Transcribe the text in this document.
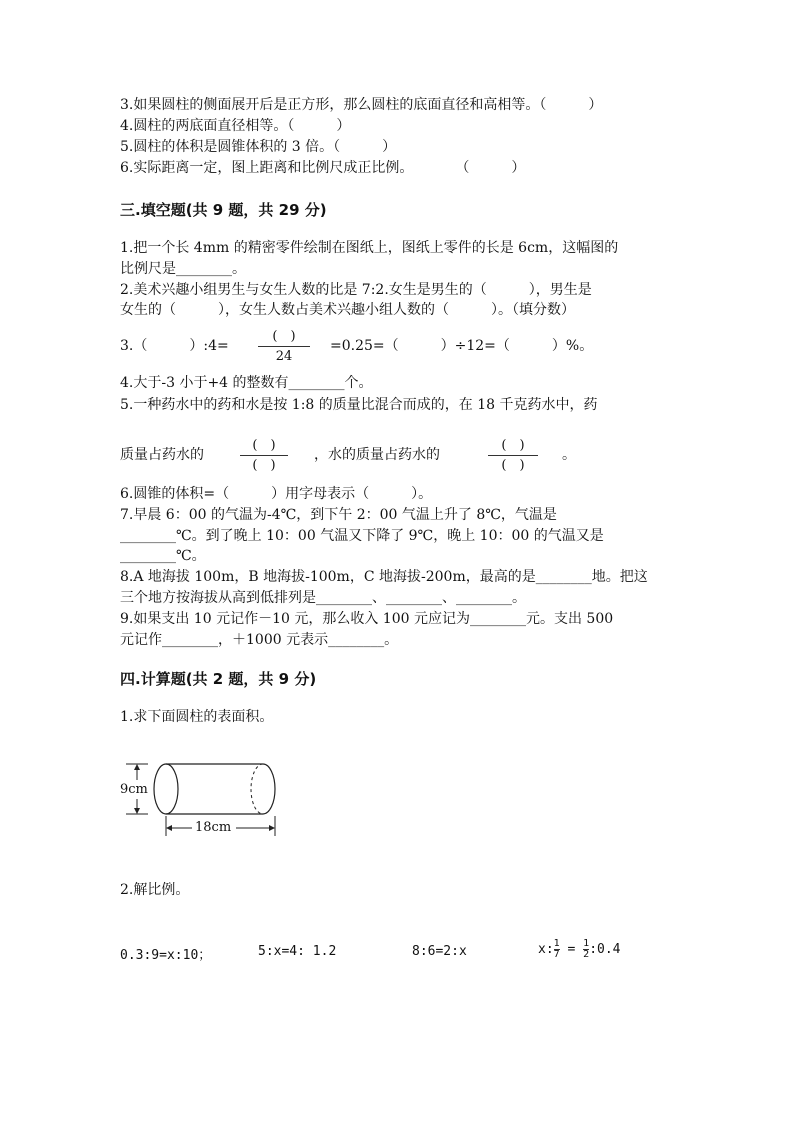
3.如果圆柱的侧面展开后是正方形，那么圆柱的底面直径和高相等。（　　　）
4.圆柱的两底面直径相等。（　　　）
5.圆柱的体积是圆锥体积的 3 倍。（　　　）
6.实际距离一定，图上距离和比例尺成正比例。　　　　（　　　）
三.填空题(共 9 题，共 29 分)
1.把一个长 4mm 的精密零件绘制在图纸上，图纸上零件的长是 6cm，这幅图的
比例尺是________。
2.美术兴趣小组男生与女生人数的比是 7:2.女生是男生的（　　　），男生是
女生的（　　　），女生人数占美术兴趣小组人数的（　　　）。（填分数）
3.（　　　）:4=
(　)
24
=0.25=（　　　）÷12=（　　　）%。
4.大于-3 小于+4 的整数有________个。
5.一种药水中的药和水是按 1:8 的质量比混合而成的，在 18 千克药水中，药
质量占药水的
(　)
(　)
，水的质量占药水的
(　)
(　)
。
6.圆锥的体积=（　　　）用字母表示（　　　）。
7.早晨 6：00 的气温为-4℃，到下午 2：00 气温上升了 8℃，气温是
________℃。到了晚上 10：00 气温又下降了 9℃，晚上 10：00 的气温又是
________℃。
8.A 地海拔 100m，B 地海拔-100m，C 地海拔-200m，最高的是________地。把这
三个地方按海拔从高到低排列是________、________、________。
9.如果支出 10 元记作－10 元，那么收入 100 元应记为________元。支出 500
元记作________，＋1000 元表示________。
四.计算题(共 2 题，共 9 分)
1.求下面圆柱的表面积。
9cm
18cm
2.解比例。
0.3:9=x:10；	5:x=4: 1.2	8:6=2:x	$x:\frac{1}{7}$ = $\frac{1}{2}:0.4$
